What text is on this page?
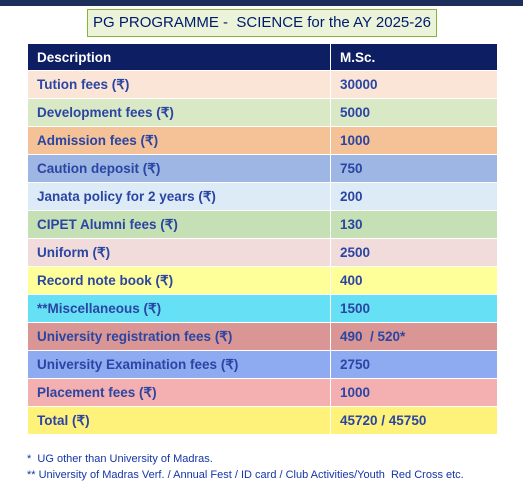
PG PROGRAMME -  SCIENCE for the AY 2025-26
Description	M.Sc.
Tution fees (₹)	30000
Development fees (₹)	5000
Admission fees (₹)	1000
Caution deposit (₹)	750
Janata policy for 2 years (₹)	200
CIPET Alumni fees (₹)	130
Uniform (₹)	2500
Record note book (₹)	400
**Miscellaneous (₹)	1500
University registration fees (₹)	490  / 520*
University Examination fees (₹)	2750
Placement fees (₹)	1000
Total (₹)	45720 / 45750
*  UG other than University of Madras.
** University of Madras Verf. / Annual Fest / ID card / Club Activities/Youth  Red Cross etc.
